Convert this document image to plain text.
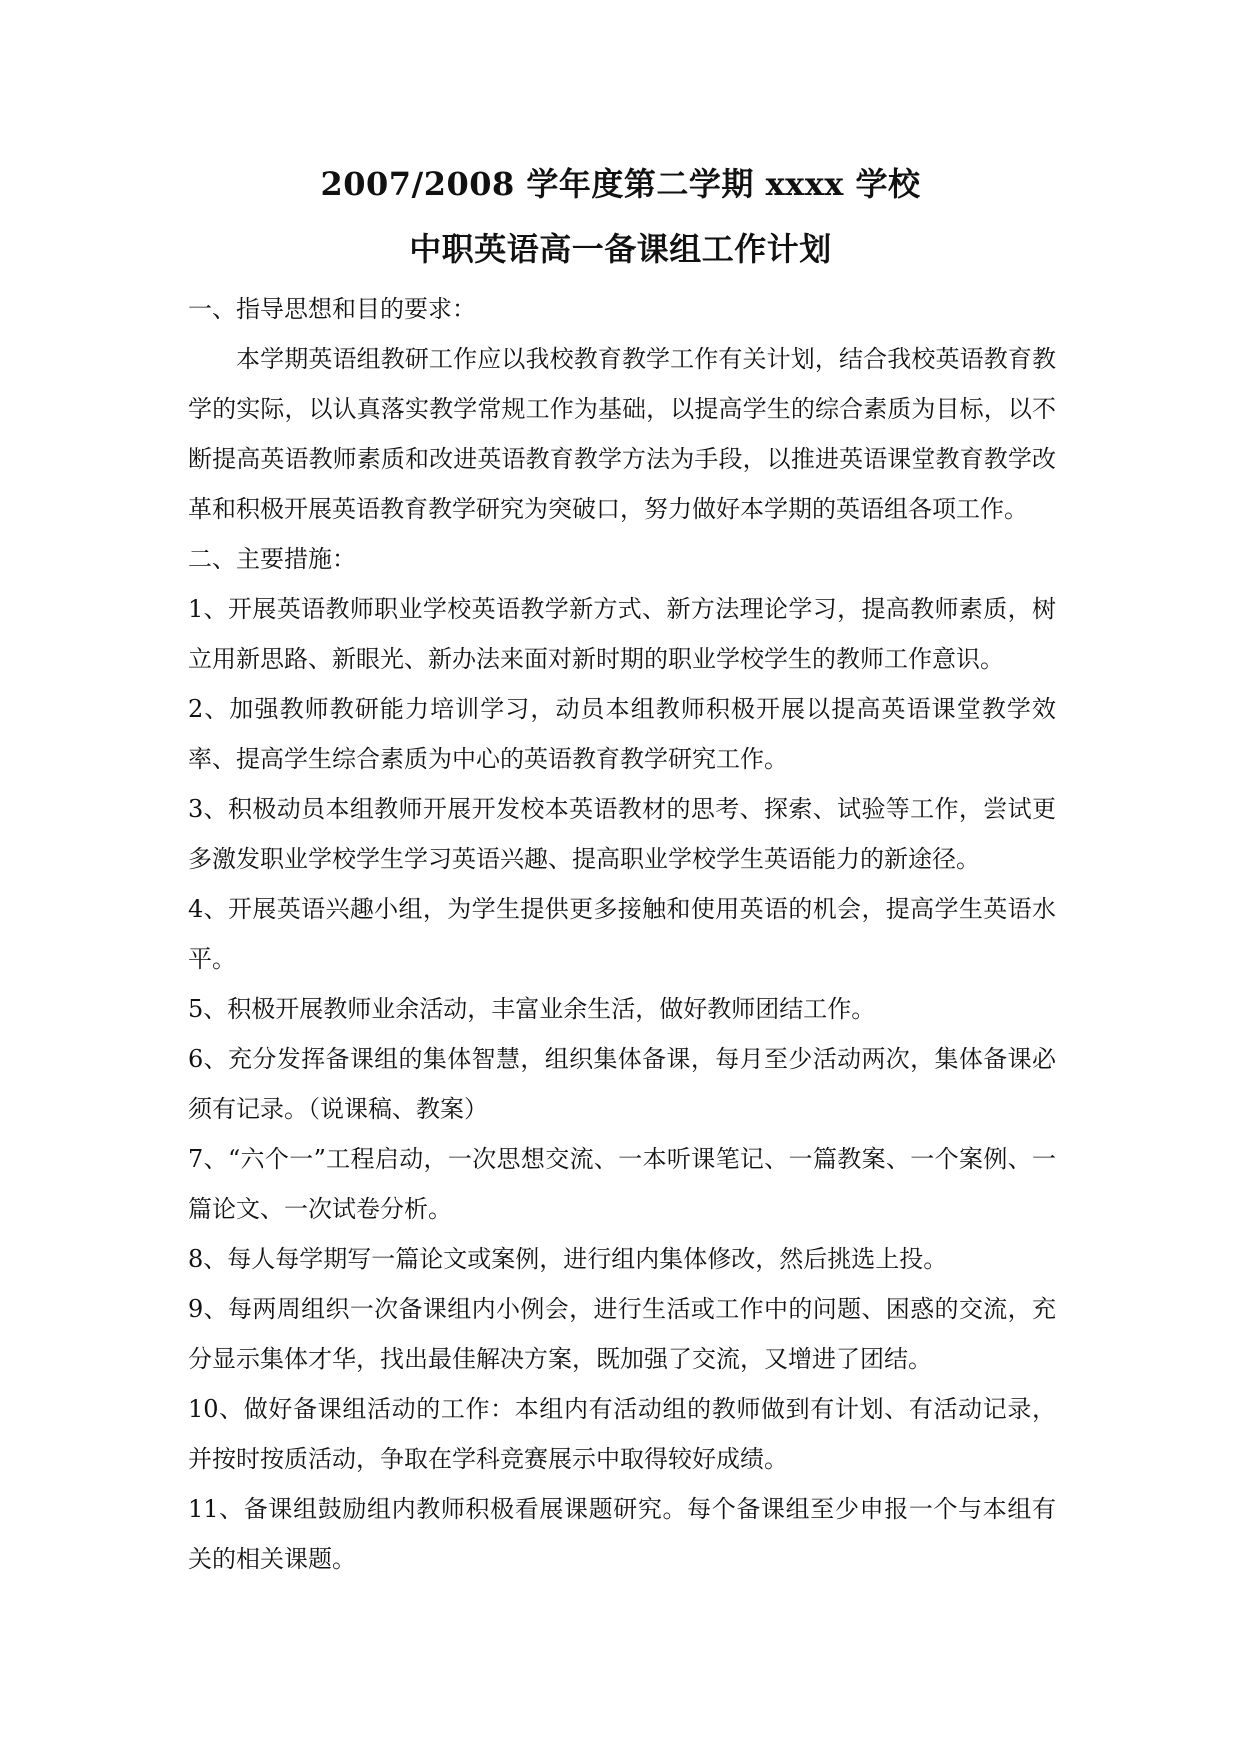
2007/2008 学年度第二学期 xxxx 学校
中职英语高一备课组工作计划

一、指导思想和目的要求：

本学期英语组教研工作应以我校教育教学工作有关计划，结合我校英语教育教学的实际，以认真落实教学常规工作为基础，以提高学生的综合素质为目标，以不断提高英语教师素质和改进英语教育教学方法为手段，以推进英语课堂教育教学改革和积极开展英语教育教学研究为突破口，努力做好本学期的英语组各项工作。

二、主要措施：

1、开展英语教师职业学校英语教学新方式、新方法理论学习，提高教师素质，树立用新思路、新眼光、新办法来面对新时期的职业学校学生的教师工作意识。

2、加强教师教研能力培训学习，动员本组教师积极开展以提高英语课堂教学效率、提高学生综合素质为中心的英语教育教学研究工作。

3、积极动员本组教师开展开发校本英语教材的思考、探索、试验等工作，尝试更多激发职业学校学生学习英语兴趣、提高职业学校学生英语能力的新途径。

4、开展英语兴趣小组，为学生提供更多接触和使用英语的机会，提高学生英语水平。

5、积极开展教师业余活动，丰富业余生活，做好教师团结工作。

6、充分发挥备课组的集体智慧，组织集体备课，每月至少活动两次，集体备课必须有记录。（说课稿、教案）

7、“六个一”工程启动，一次思想交流、一本听课笔记、一篇教案、一个案例、一篇论文、一次试卷分析。

8、每人每学期写一篇论文或案例，进行组内集体修改，然后挑选上投。

9、每两周组织一次备课组内小例会，进行生活或工作中的问题、困惑的交流，充分显示集体才华，找出最佳解决方案，既加强了交流，又增进了团结。

10、做好备课组活动的工作：本组内有活动组的教师做到有计划、有活动记录，并按时按质活动，争取在学科竞赛展示中取得较好成绩。

11、备课组鼓励组内教师积极看展课题研究。每个备课组至少申报一个与本组有关的相关课题。
